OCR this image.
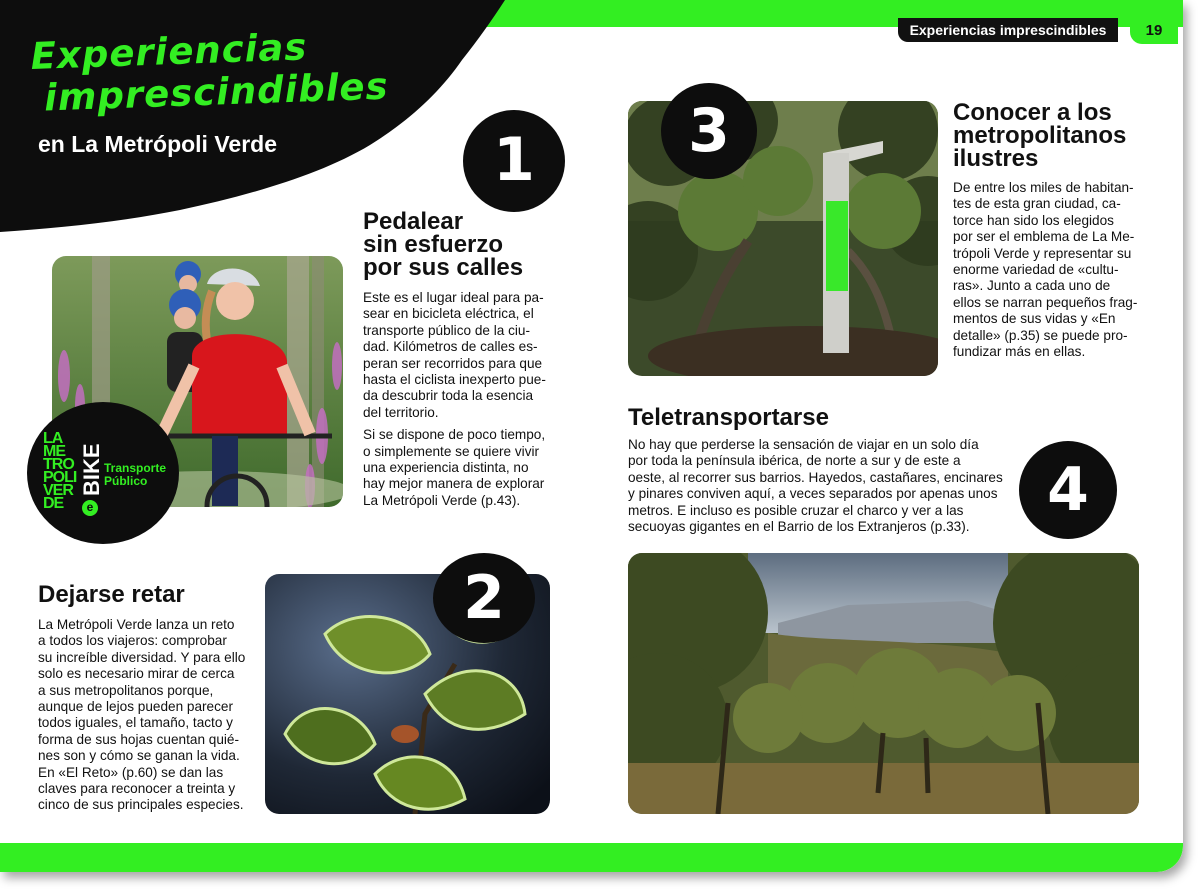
Experiencias imprescindibles	19
Experiencias
imprescindibles
en La Metrópoli Verde	1
Pedalear
sin esfuerzo
por sus calles
Este es el lugar ideal para pa-
sear en bicicleta eléctrica, el
transporte público de la ciu-
dad. Kilómetros de calles es-
peran ser recorridos para que
hasta el ciclista inexperto pue-
da descubrir toda la esencia
del territorio.
Si se dispone de poco tiempo,
o simplemente se quiere vivir
una experiencia distinta, no
hay mejor manera de explorar
La Metrópoli Verde (p.43).
LA
ME
TRO
POLI
VER
DE
BIKE
e
Transporte
Público
Dejarse retar
La Metrópoli Verde lanza un reto
a todos los viajeros: comprobar
su increíble diversidad. Y para ello
solo es necesario mirar de cerca
a sus metropolitanos porque,
aunque de lejos pueden parecer
todos iguales, el tamaño, tacto y
forma de sus hojas cuentan quié-
nes son y cómo se ganan la vida.
En «El Reto» (p.60) se dan las
claves para reconocer a treinta y
cinco de sus principales especies.
2
3	Conocer a los
metropolitanos
ilustres
De entre los miles de habitan-
tes de esta gran ciudad, ca-
torce han sido los elegidos
por ser el emblema de La Me-
trópoli Verde y representar su
enorme variedad de «cultu-
ras». Junto a cada uno de
ellos se narran pequeños frag-
mentos de sus vidas y «En
detalle» (p.35) se puede pro-
fundizar más en ellas.
Teletransportarse
No hay que perderse la sensación de viajar en un solo día
por toda la península ibérica, de norte a sur y de este a
oeste, al recorrer sus barrios. Hayedos, castañares, encinares
y pinares conviven aquí, a veces separados por apenas unos
metros. E incluso es posible cruzar el charco y ver a las
secuoyas gigantes en el Barrio de los Extranjeros (p.33).
4
